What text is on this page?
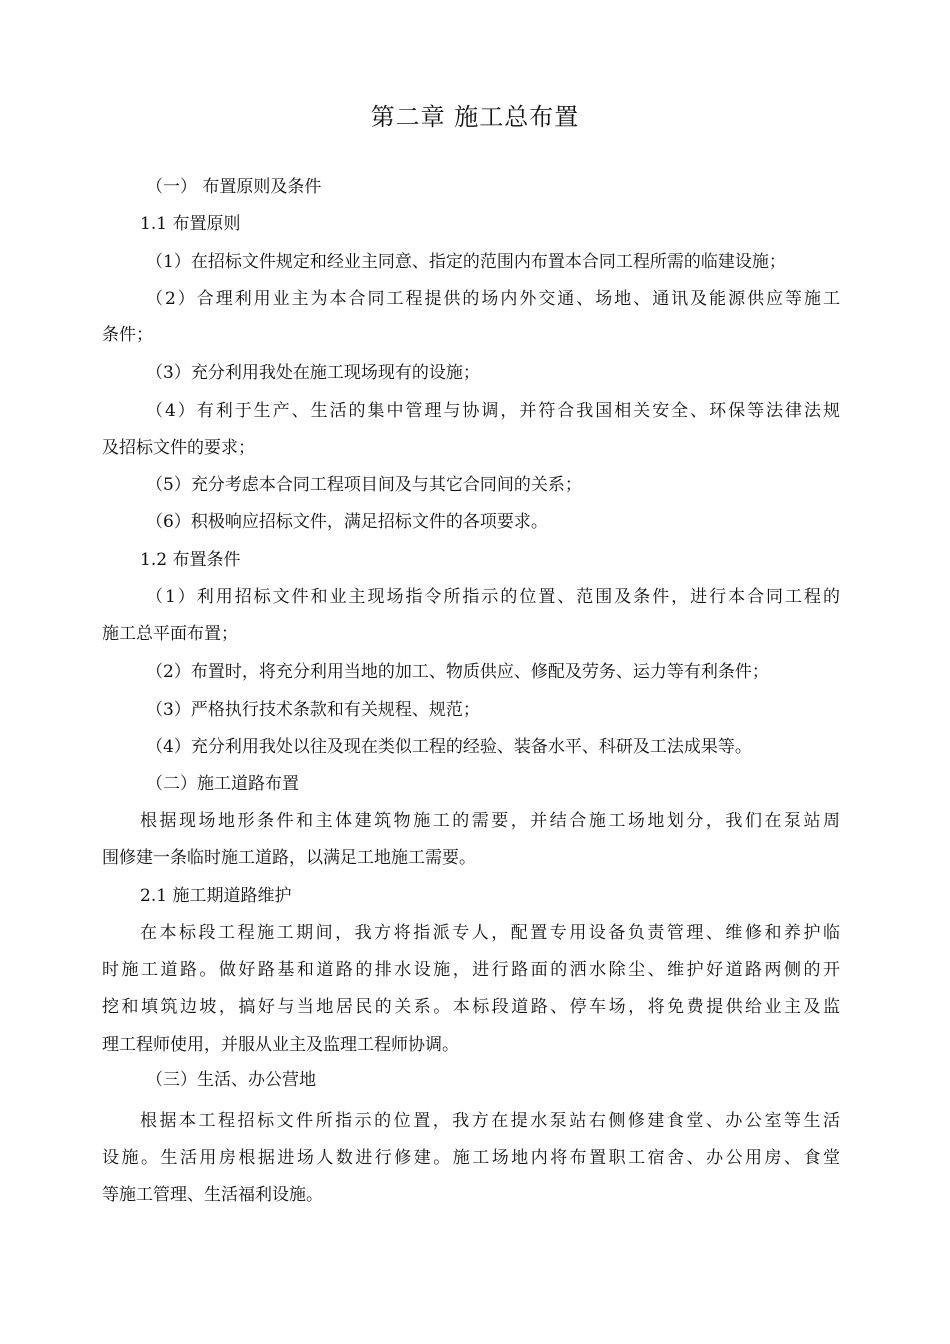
第二章 施工总布置
（一） 布置原则及条件
1.1 布置原则
（1）在招标文件规定和经业主同意、指定的范围内布置本合同工程所需的临建设施；
（2）合理利用业主为本合同工程提供的场内外交通、场地、通讯及能源供应等施工
条件；
（3）充分利用我处在施工现场现有的设施；
（4）有利于生产、生活的集中管理与协调，并符合我国相关安全、环保等法律法规
及招标文件的要求；
（5）充分考虑本合同工程项目间及与其它合同间的关系；
（6）积极响应招标文件，满足招标文件的各项要求。
1.2 布置条件
（1）利用招标文件和业主现场指令所指示的位置、范围及条件，进行本合同工程的
施工总平面布置；
（2）布置时，将充分利用当地的加工、物质供应、修配及劳务、运力等有利条件；
（3）严格执行技术条款和有关规程、规范；
（4）充分利用我处以往及现在类似工程的经验、装备水平、科研及工法成果等。
（二）施工道路布置
根据现场地形条件和主体建筑物施工的需要，并结合施工场地划分，我们在泵站周
围修建一条临时施工道路，以满足工地施工需要。
2.1 施工期道路维护
在本标段工程施工期间，我方将指派专人，配置专用设备负责管理、维修和养护临
时施工道路。做好路基和道路的排水设施，进行路面的洒水除尘、维护好道路两侧的开
挖和填筑边坡，搞好与当地居民的关系。本标段道路、停车场，将免费提供给业主及监
理工程师使用，并服从业主及监理工程师协调。
（三）生活、办公营地
根据本工程招标文件所指示的位置，我方在提水泵站右侧修建食堂、办公室等生活
设施。生活用房根据进场人数进行修建。施工场地内将布置职工宿舍、办公用房、食堂
等施工管理、生活福利设施。
